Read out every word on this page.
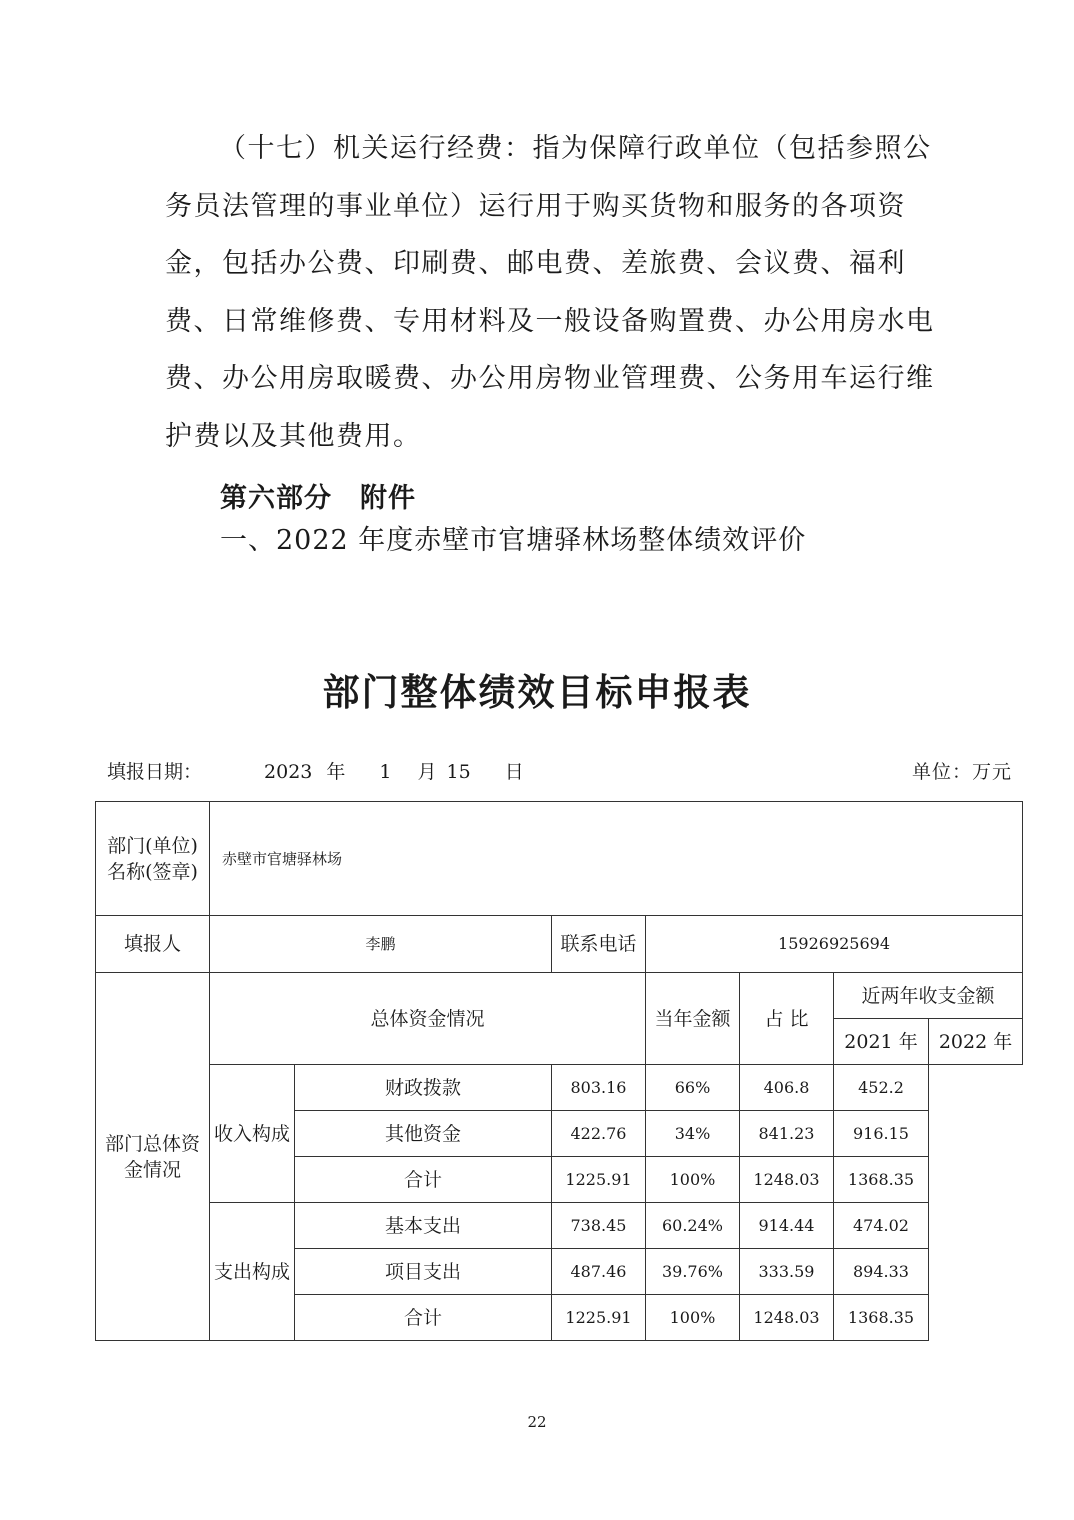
（十七）机关运行经费：指为保障行政单位（包括参照公务员法管理的事业单位）运行用于购买货物和服务的各项资金，包括办公费、印刷费、邮电费、差旅费、会议费、福利费、日常维修费、专用材料及一般设备购置费、办公用房水电费、办公用房取暖费、办公用房物业管理费、公务用车运行维护费以及其他费用。

第六部分 附件
一、2022 年度赤壁市官塘驿林场整体绩效评价
部门整体绩效目标申报表
填报日期：	2023 年 1 月 15 日	单位：万元
部门(单位)名称(签章)	赤壁市官塘驿林场						
填报人	李鹏		联系电话	15926925694			
部门总体资金情况	总体资金情况			当年金额	占 比	近两年收支金额	
						2021 年	2022 年
	收入构成	财政拨款	803.16	66%	406.8	452.2	
		其他资金	422.76	34%	841.23	916.15	
		合计	1225.91	100%	1248.03	1368.35	
	支出构成	基本支出	738.45	60.24%	914.44	474.02	
		项目支出	487.46	39.76%	333.59	894.33	
		合计	1225.91	100%	1248.03	1368.35	
22
